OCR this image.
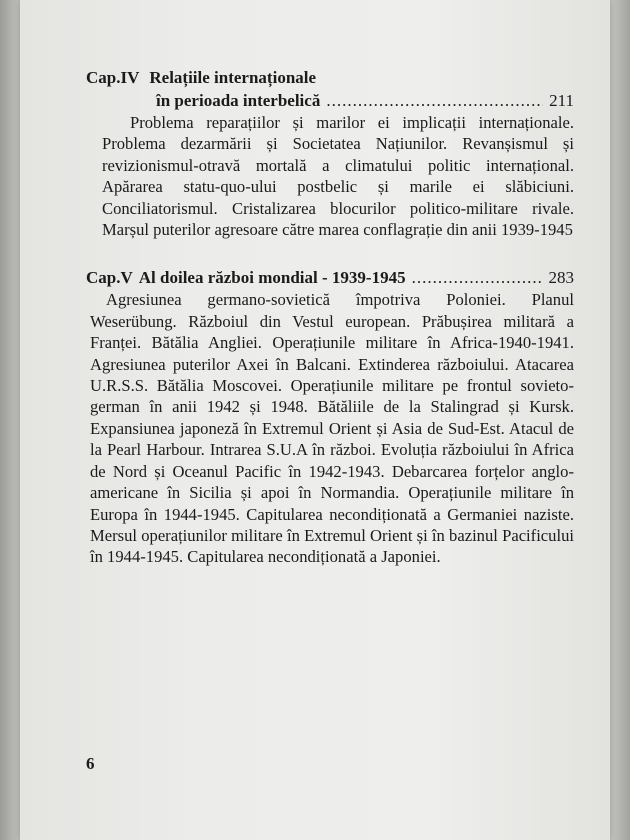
Cap.IV Relațiile internaționale
în perioada interbelică .....	211

Problema reparațiilor și marilor ei implicații internaționale. Problema dezarmării și Societatea Națiunilor. Revanșismul și revizionismul-otravă mortală a climatului politic internațional. Apărarea statu-quo-ului postbelic și marile ei slăbiciuni. Conciliatorismul. Cristalizarea blocurilor politico-militare rivale. Marșul puterilor agresoare către marea conflagrație din anii 1939-1945

Cap.V Al doilea război mondial - 1939-1945 .....	283

Agresiunea germano-sovietică împotriva Poloniei. Planul Weserübung. Războiul din Vestul european. Prăbușirea militară a Franței. Bătălia Angliei. Operațiunile militare în Africa-1940-1941. Agresiunea puterilor Axei în Balcani. Extinderea războiului. Atacarea U.R.S.S. Bătălia Moscovei. Operațiunile militare pe frontul sovieto-german în anii 1942 și 1948. Bătăliile de la Stalingrad și Kursk. Expansiunea japoneză în Extremul Orient și Asia de Sud-Est. Atacul de la Pearl Harbour. Intrarea S.U.A în război. Evoluția războiului în Africa de Nord și Oceanul Pacific în 1942-1943. Debarcarea forțelor anglo-americane în Sicilia și apoi în Normandia. Operațiunile militare în Europa în 1944-1945. Capitularea necondiționată a Germaniei naziste. Mersul operațiunilor militare în Extremul Orient și în bazinul Pacificului în 1944-1945. Capitularea necondiționată a Japoniei.

6
